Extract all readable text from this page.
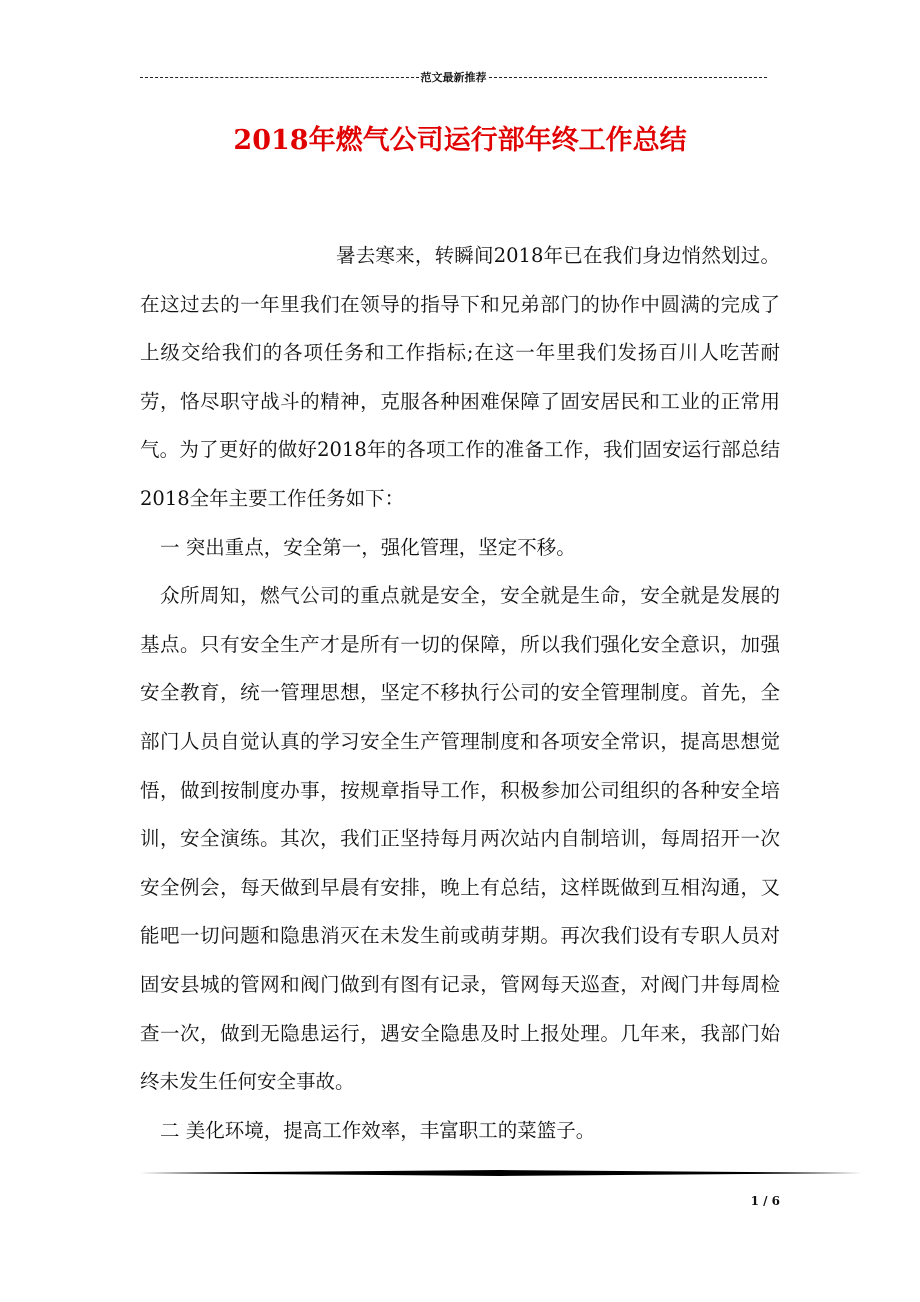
范文最新推荐
2018年燃气公司运行部年终工作总结

暑去寒来，转瞬间2018年已在我们身边悄然划过。在这过去的一年里我们在领导的指导下和兄弟部门的协作中圆满的完成了上级交给我们的各项任务和工作指标;在这一年里我们发扬百川人吃苦耐劳，恪尽职守战斗的精神，克服各种困难保障了固安居民和工业的正常用气。为了更好的做好2018年的各项工作的准备工作，我们固安运行部总结2018全年主要工作任务如下：

一 突出重点，安全第一，强化管理，坚定不移。

众所周知，燃气公司的重点就是安全，安全就是生命，安全就是发展的基点。只有安全生产才是所有一切的保障，所以我们强化安全意识，加强安全教育，统一管理思想，坚定不移执行公司的安全管理制度。首先，全部门人员自觉认真的学习安全生产管理制度和各项安全常识，提高思想觉悟，做到按制度办事，按规章指导工作，积极参加公司组织的各种安全培训，安全演练。其次，我们正坚持每月两次站内自制培训，每周招开一次安全例会，每天做到早晨有安排，晚上有总结，这样既做到互相沟通，又能吧一切问题和隐患消灭在未发生前或萌芽期。再次我们设有专职人员对固安县城的管网和阀门做到有图有记录，管网每天巡查，对阀门井每周检查一次，做到无隐患运行，遇安全隐患及时上报处理。几年来，我部门始终未发生任何安全事故。

二 美化环境，提高工作效率，丰富职工的菜篮子。

1 / 6
